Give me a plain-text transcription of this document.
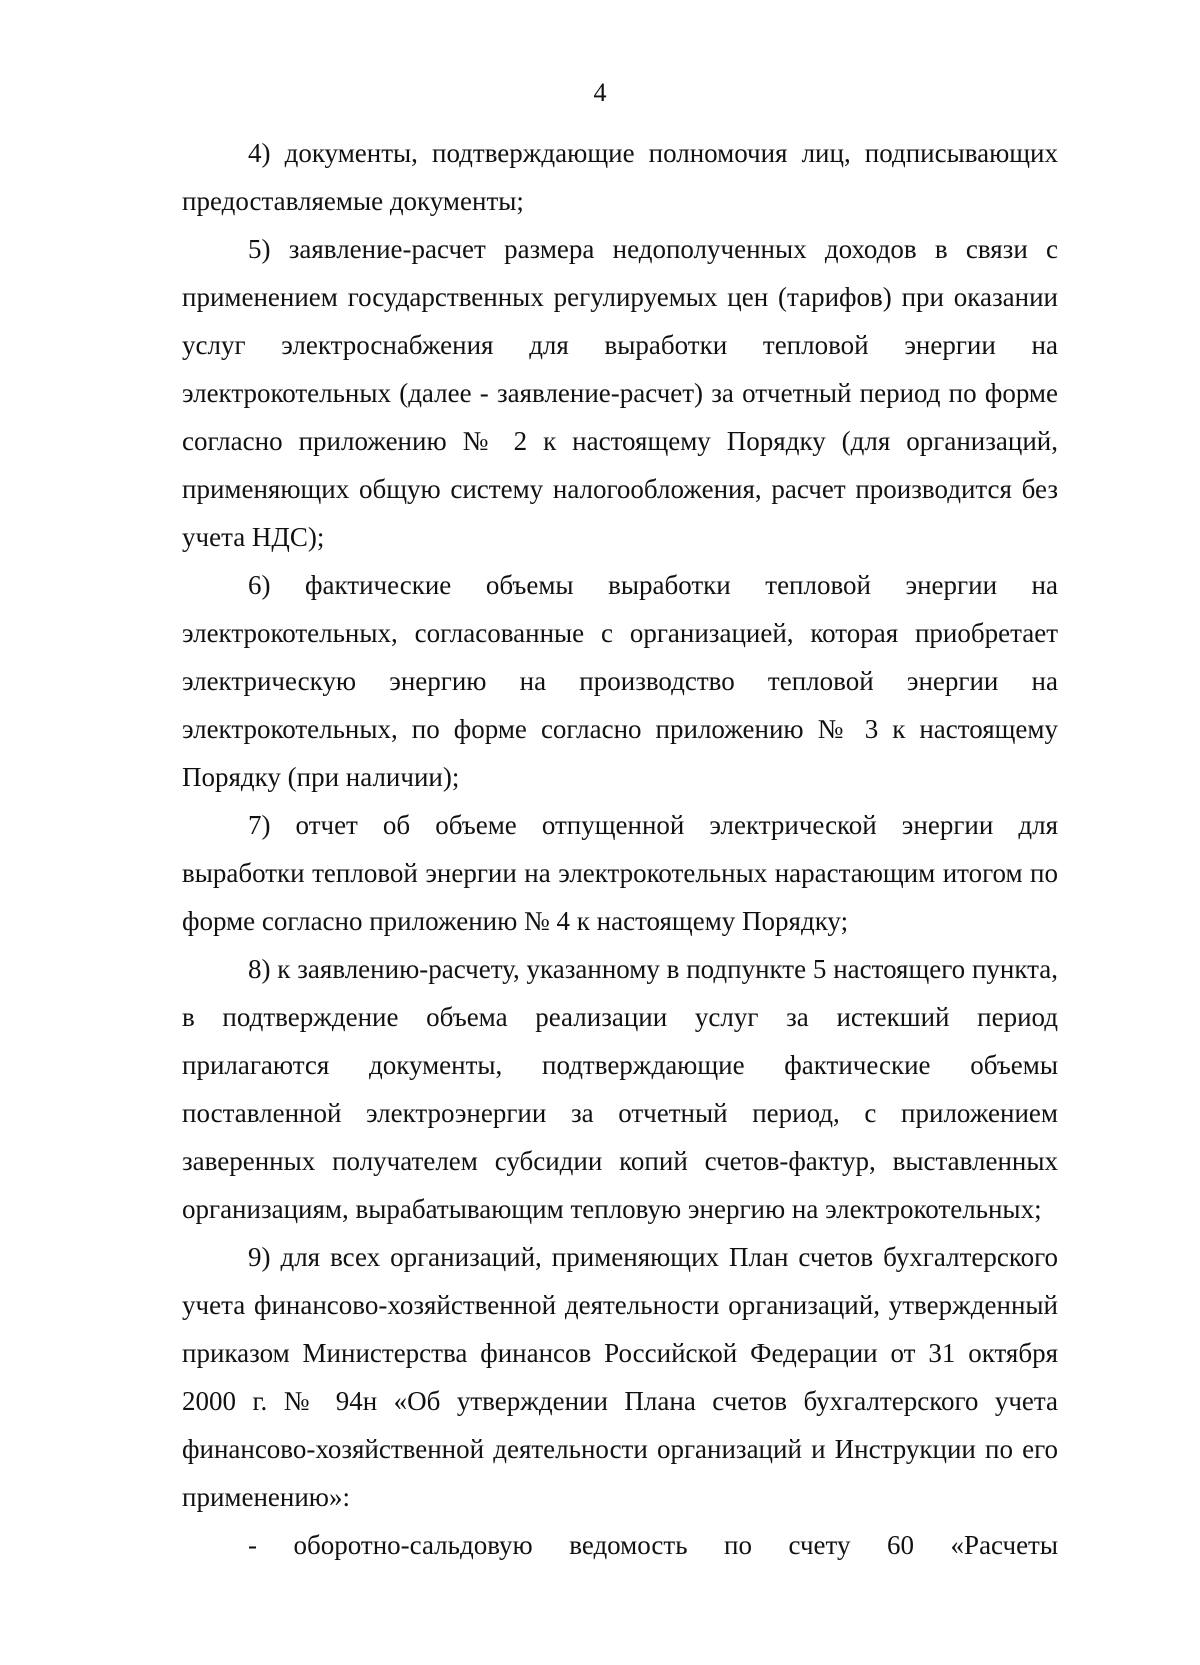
4

4) документы, подтверждающие полномочия лиц, подписывающих предоставляемые документы;

5) заявление-расчет размера недополученных доходов в связи с применением государственных регулируемых цен (тарифов) при оказании услуг электроснабжения для выработки тепловой энергии на электрокотельных (далее - заявление-расчет) за отчетный период по форме согласно приложению № 2 к настоящему Порядку (для организаций, применяющих общую систему налогообложения, расчет производится без учета НДС);

6) фактические объемы выработки тепловой энергии на электрокотельных, согласованные с организацией, которая приобретает электрическую энергию на производство тепловой энергии на электрокотельных, по форме согласно приложению № 3 к настоящему Порядку (при наличии);

7) отчет об объеме отпущенной электрической энергии для выработки тепловой энергии на электрокотельных нарастающим итогом по форме согласно приложению № 4 к настоящему Порядку;

8) к заявлению-расчету, указанному в подпункте 5 настоящего пункта, в подтверждение объема реализации услуг за истекший период прилагаются документы, подтверждающие фактические объемы поставленной электроэнергии за отчетный период, с приложением заверенных получателем субсидии копий счетов-фактур, выставленных организациям, вырабатывающим тепловую энергию на электрокотельных;

9) для всех организаций, применяющих План счетов бухгалтерского учета финансово-хозяйственной деятельности организаций, утвержденный приказом Министерства финансов Российской Федерации от 31 октября 2000 г. № 94н «Об утверждении Плана счетов бухгалтерского учета финансово-хозяйственной деятельности организаций и Инструкции по его применению»:

- оборотно-сальдовую ведомость по счету 60 «Расчеты
